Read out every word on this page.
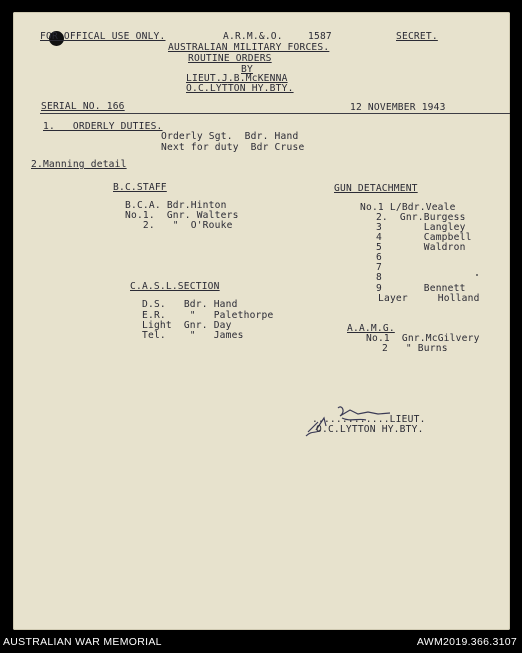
FOR OFFICAL USE ONLY.	A.R.M.&.O.	1587	SECRET.
AUSTRALIAN MILITARY FORCES.
ROUTINE ORDERS
BY
LIEUT.J.B.McKENNA
O.C.LYTTON HY.BTY.
SERIAL NO. 166	12 NOVEMBER 1943
1.   ORDERLY DUTIES.
Orderly Sgt.  Bdr. Hand
Next for duty  Bdr Cruse
2.Manning detail
B.C.STAFF
B.C.A. Bdr.Hinton
No.1.  Gnr. Walters
2.   "  O'Rouke
C.A.S.L.SECTION
D.S.   Bdr. Hand
E.R.    "   Palethorpe
Light  Gnr. Day
Tel.    "   James
GUN DETACHMENT
No.1 L/Bdr.Veale
2.  Gnr.Burgess
3       Langley
4       Campbell
5       Waldron
6
7
8
9       Bennett
Layer     Holland
A.A.M.G.
No.1  Gnr.McGilvery
2   " Burns
.............LIEUT.
O.C.LYTTON HY.BTY.
AUSTRALIAN WAR MEMORIAL	AWM2019.366.3107
